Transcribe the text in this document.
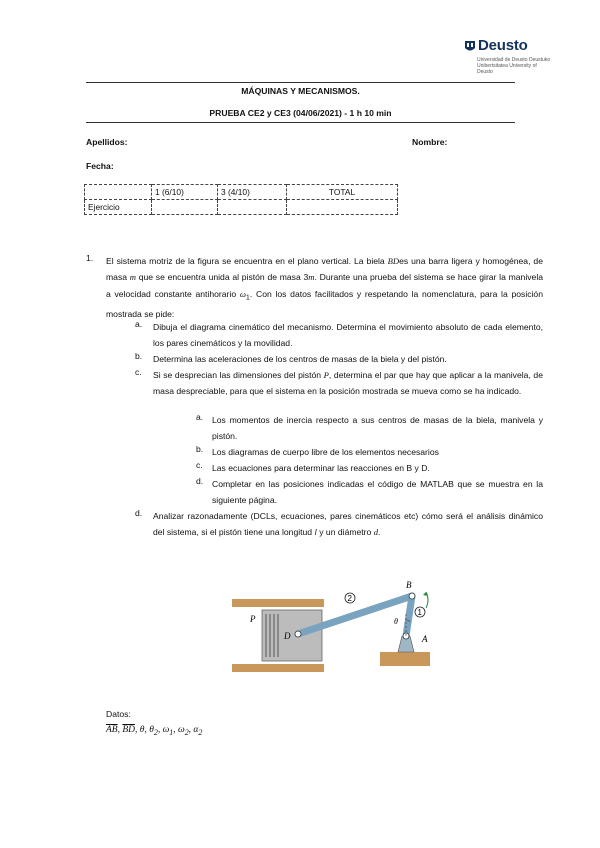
Deusto
Universidad de Deusto Deustuko Unibertsitatea University of Deusto
MÁQUINAS Y MECANISMOS.
PRUEBA CE2 y CE3 (04/06/2021) - 1 h 10 min
Apellidos:	Nombre:
Fecha:
	1 (6/10)	3 (4/10)	TOTAL
Ejercicio			
1. El sistema motriz de la figura se encuentra en el plano vertical. La biela BDes una barra ligera y homogénea, de masa m que se encuentra unida al pistón de masa 3m. Durante una prueba del sistema se hace girar la manivela a velocidad constante antihorario $\omega_1$. Con los datos facilitados y respetando la nomenclatura, para la posición mostrada se pide:
a. Dibuja el diagrama cinemático del mecanismo. Determina el movimiento absoluto de cada elemento, los pares cinemáticos y la movilidad.
b. Determina las aceleraciones de los centros de masas de la biela y del pistón.
c. Si se desprecian las dimensiones del pistón P, determina el par que hay que aplicar a la manivela, de masa despreciable, para que el sistema en la posición mostrada se mueva como se ha indicado.
a. Los momentos de inercia respecto a sus centros de masas de la biela, manivela y pistón.
b. Los diagramas de cuerpo libre de los elementos necesarios
c. Las ecuaciones para determinar las reacciones en B y D.
d. Completar en las posiciones indicadas el código de MATLAB que se muestra en la siguiente página.
d. Analizar razonadamente (DCLs, ecuaciones, pares cinemáticos etc) cómo será el análisis dinámico del sistema, si el pistón tiene una longitud l y un diámetro d.
P
D
B
A
θ
2
1
Datos:
$\overline{AB}$, $\overline{BD}$, θ, $\theta_2$, $\omega_1$, $\omega_2$, $\alpha_2$
